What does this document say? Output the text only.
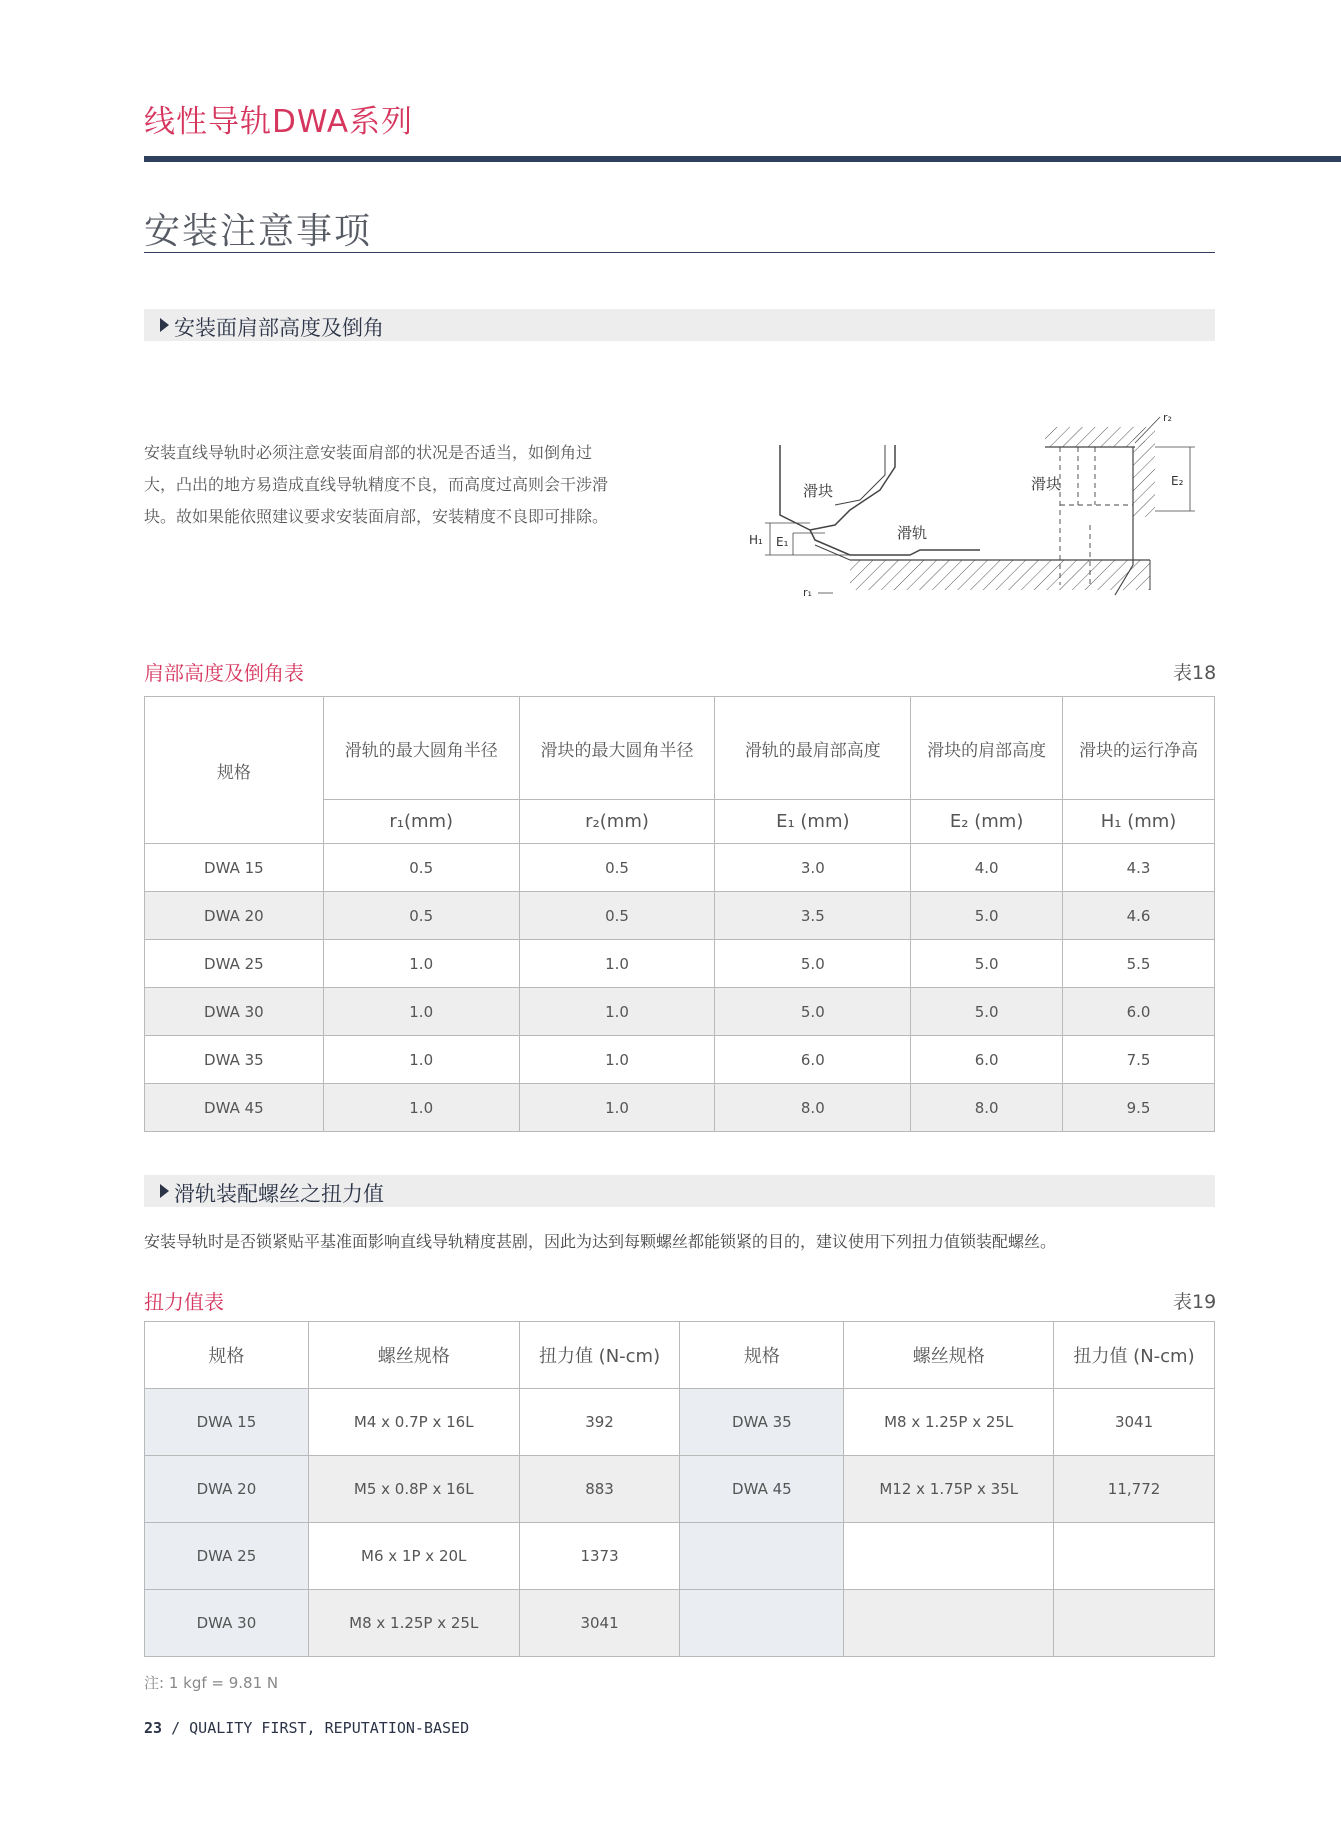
线性导轨DWA系列
安装注意事项
安装面肩部高度及倒角
安装直线导轨时必须注意安装面肩部的状况是否适当，如倒角过
大，凸出的地方易造成直线导轨精度不良，而高度过高则会干涉滑
块。故如果能依照建议要求安装面肩部，安装精度不良即可排除。
H₁ E₁
r₁
滑块
滑轨
滑块
r₂
E₂
肩部高度及倒角表	表18
规格	滑轨的最大圆角半径	滑块的最大圆角半径	滑轨的最肩部高度	滑块的肩部高度	滑块的运行净高
	r₁(mm)	r₂(mm)	E₁ (mm)	E₂ (mm)	H₁ (mm)
DWA 15	0.5	0.5	3.0	4.0	4.3
DWA 20	0.5	0.5	3.5	5.0	4.6
DWA 25	1.0	1.0	5.0	5.0	5.5
DWA 30	1.0	1.0	5.0	5.0	6.0
DWA 35	1.0	1.0	6.0	6.0	7.5
DWA 45	1.0	1.0	8.0	8.0	9.5
滑轨装配螺丝之扭力值
安装导轨时是否锁紧贴平基准面影响直线导轨精度甚剧，因此为达到每颗螺丝都能锁紧的目的，建议使用下列扭力值锁装配螺丝。
扭力值表	表19
规格	螺丝规格	扭力值 (N-cm)	规格	螺丝规格	扭力值 (N-cm)
DWA 15	M4 x 0.7P x 16L	392	DWA 35	M8 x 1.25P x 25L	3041
DWA 20	M5 x 0.8P x 16L	883	DWA 45	M12 x 1.75P x 35L	11,772
DWA 25	M6 x 1P x 20L	1373			
DWA 30	M8 x 1.25P x 25L	3041			
注: 1 kgf = 9.81 N
23 / QUALITY FIRST, REPUTATION-BASED
